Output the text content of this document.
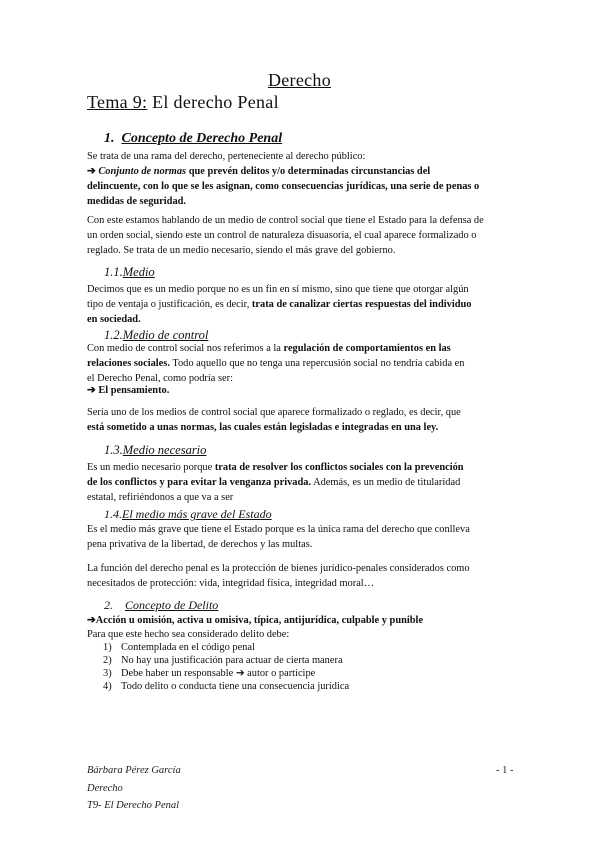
Derecho
Tema 9: El derecho Penal
1. Concepto de Derecho Penal
Se trata de una rama del derecho, perteneciente al derecho público:
➔ Conjunto de normas que prevén delitos y/o determinadas circunstancias del
delincuente, con lo que se les asignan, como consecuencias jurídicas, una serie de penas o
medidas de seguridad.
Con este estamos hablando de un medio de control social que tiene el Estado para la defensa de
un orden social, siendo este un control de naturaleza disuasoria, el cual aparece formalizado o
reglado. Se trata de un medio necesario, siendo el más grave del gobierno.
1.1.Medio
Decimos que es un medio porque no es un fin en sí mismo, sino que tiene que otorgar algún
tipo de ventaja o justificación, es decir, trata de canalizar ciertas respuestas del individuo
en sociedad.
1.2.Medio de control
Con medio de control social nos referimos a la regulación de comportamientos en las
relaciones sociales. Todo aquello que no tenga una repercusión social no tendría cabida en
el Derecho Penal, como podría ser:
➔ El pensamiento.
Sería uno de los medios de control social que aparece formalizado o reglado, es decir, que
está sometido a unas normas, las cuales están legisladas e integradas en una ley.
1.3.Medio necesario
Es un medio necesario porque trata de resolver los conflictos sociales con la prevención
de los conflictos y para evitar la venganza privada. Además, es un medio de titularidad
estatal, refiriéndonos a que va a ser
1.4.El medio más grave del Estado
Es el medio más grave que tiene el Estado porque es la única rama del derecho que conlleva
pena privativa de la libertad, de derechos y las multas.
La función del derecho penal es la protección de bienes jurídico-penales considerados como
necesitados de protección: vida, integridad física, integridad moral…
2. Concepto de Delito
➔Acción u omisión, activa u omisiva, típica, antijurídica, culpable y punible
Para que este hecho sea considerado delito debe:
1) Contemplada en el código penal
2) No hay una justificación para actuar de cierta manera
3) Debe haber un responsable ➔ autor o partícipe
4) Todo delito o conducta tiene una consecuencia jurídica
Bárbara Pérez García	- 1 -
Derecho
T9- El Derecho Penal
